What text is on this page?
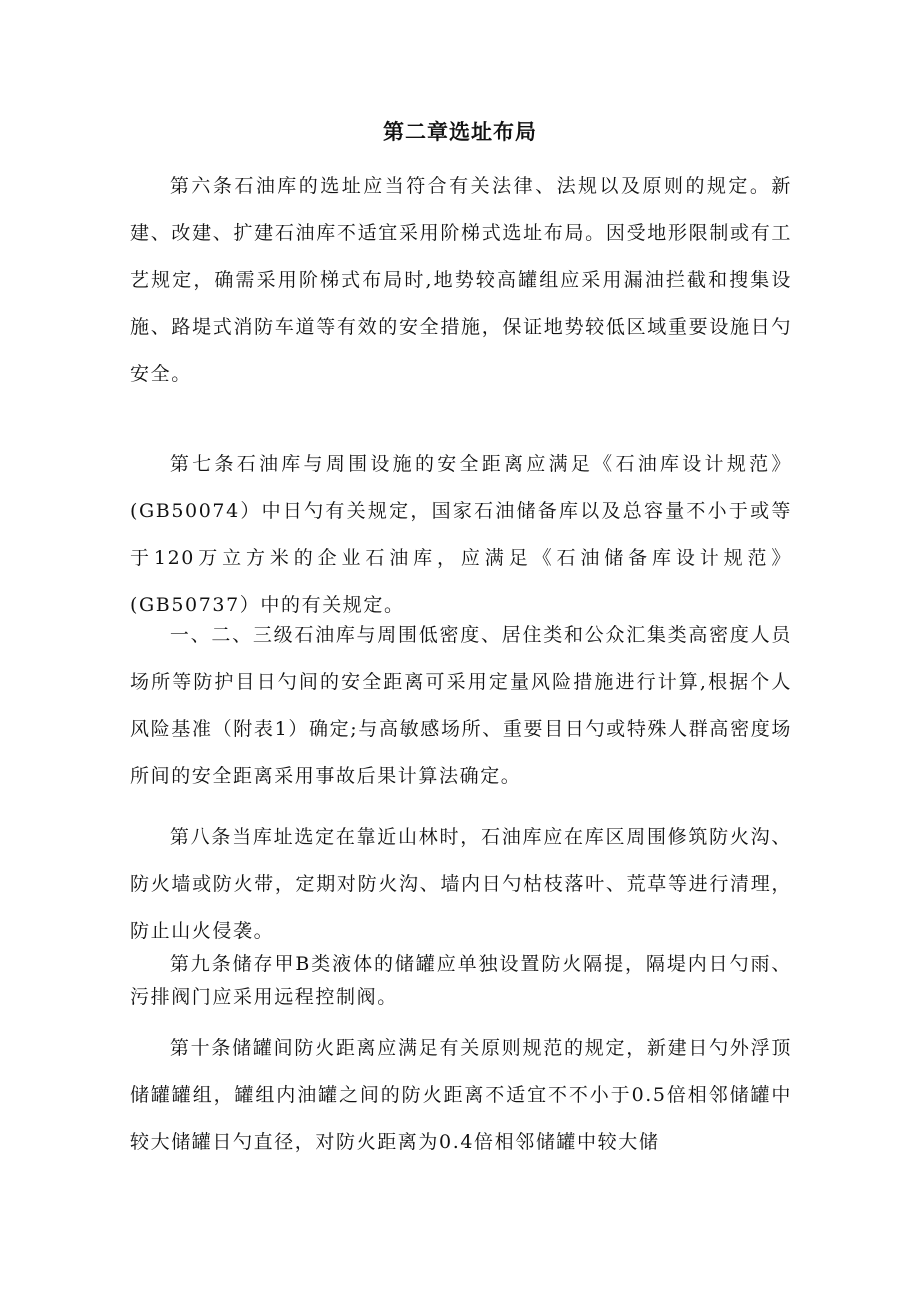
第二章选址布局

第六条石油库的选址应当符合有关法律、法规以及原则的规定。新建、改建、扩建石油库不适宜采用阶梯式选址布局。因受地形限制或有工艺规定，确需采用阶梯式布局时,地势较高罐组应采用漏油拦截和搜集设施、路堤式消防车道等有效的安全措施，保证地势较低区域重要设施日勺安全。

第七条石油库与周围设施的安全距离应满足《石油库设计规范》(GB50074）中日勺有关规定，国家石油储备库以及总容量不小于或等于120万立方米的企业石油库，应满足《石油储备库设计规范》(GB50737）中的有关规定。

一、二、三级石油库与周围低密度、居住类和公众汇集类高密度人员场所等防护目日勺间的安全距离可采用定量风险措施进行计算,根据个人风险基准（附表1）确定;与高敏感场所、重要目日勺或特殊人群高密度场所间的安全距离采用事故后果计算法确定。

第八条当库址选定在靠近山林时，石油库应在库区周围修筑防火沟、防火墙或防火带，定期对防火沟、墙内日勺枯枝落叶、荒草等进行清理，防止山火侵袭。

第九条储存甲B类液体的储罐应单独设置防火隔提，隔堤内日勺雨、污排阀门应采用远程控制阀。

第十条储罐间防火距离应满足有关原则规范的规定，新建日勺外浮顶储罐罐组，罐组内油罐之间的防火距离不适宜不不小于0.5倍相邻储罐中较大储罐日勺直径，对防火距离为0.4倍相邻储罐中较大储
